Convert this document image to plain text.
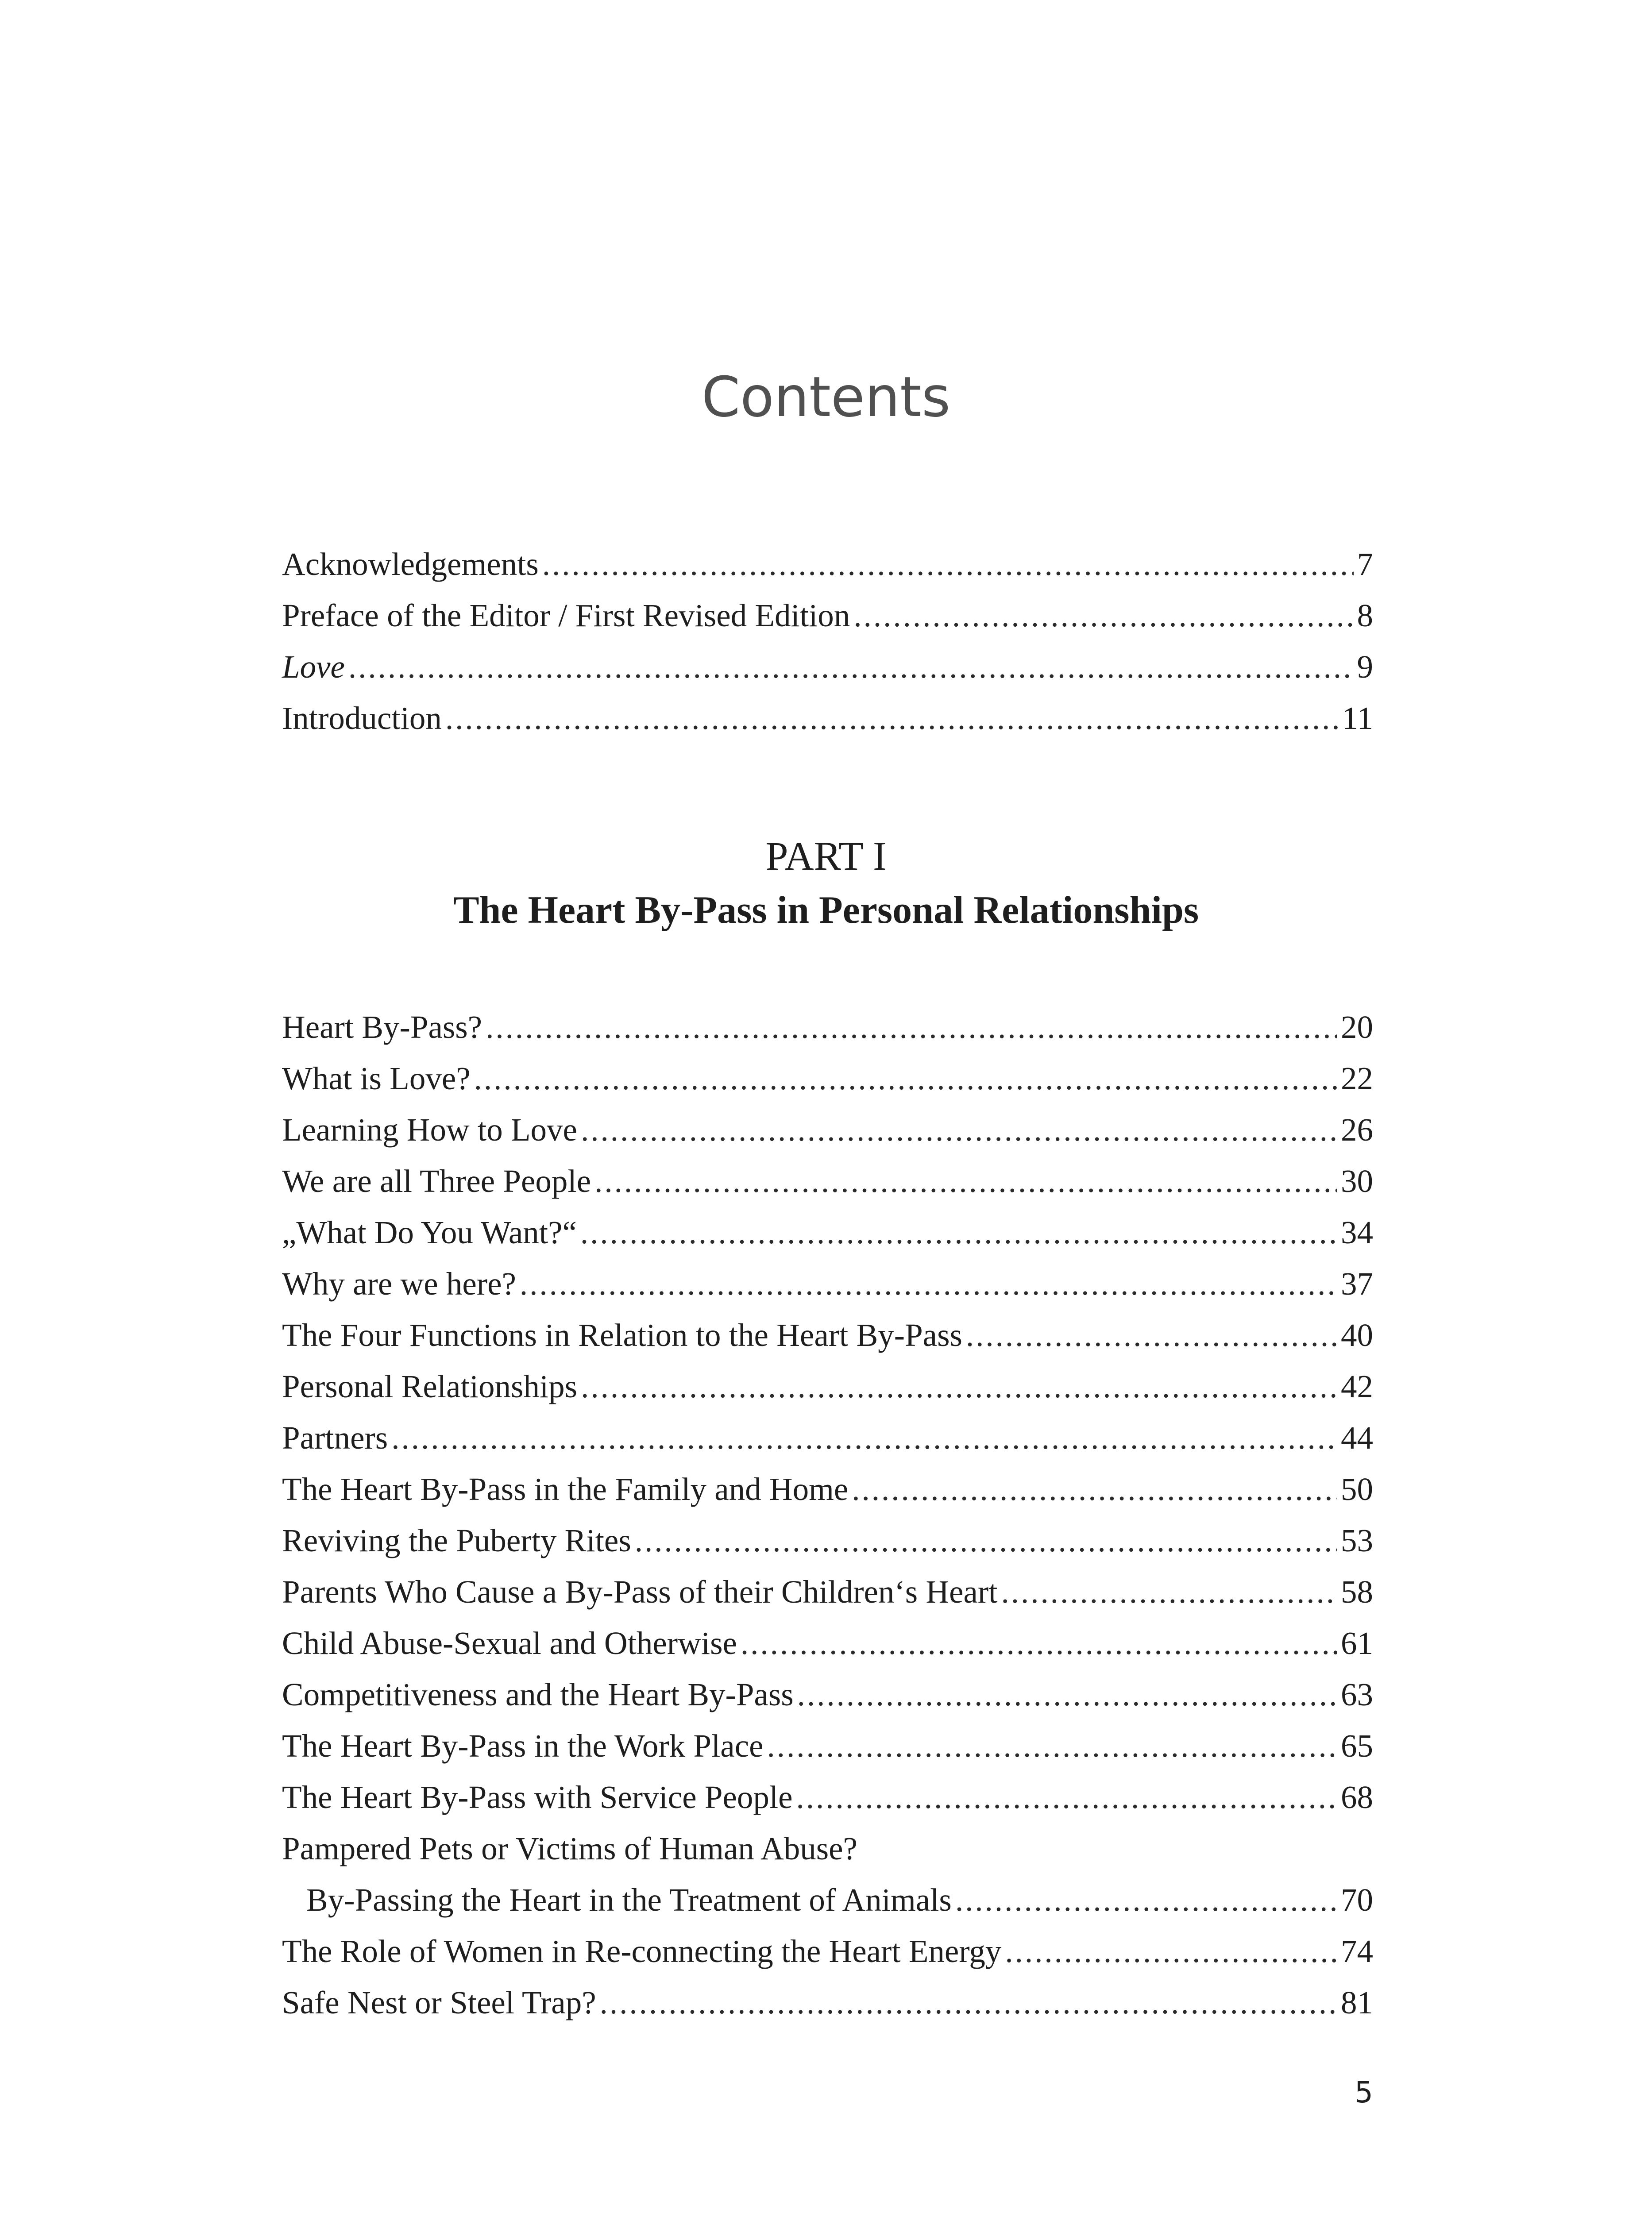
Contents
Acknowledgements .....	7
Preface of the Editor / First Revised Edition .....	8
Love .....	9
Introduction .....	11
PART I
The Heart By-Pass in Personal Relationships
Heart By-Pass? .....	20
What is Love? .....	22
Learning How to Love .....	26
We are all Three People .....	30
„What Do You Want?“ .....	34
Why are we here? .....	37
The Four Functions in Relation to the Heart By-Pass .....	40
Personal Relationships .....	42
Partners .....	44
The Heart By-Pass in the Family and Home .....	50
Reviving the Puberty Rites .....	53
Parents Who Cause a By-Pass of their Children‘s Heart .....	58
Child Abuse-Sexual and Otherwise .....	61
Competitiveness and the Heart By-Pass .....	63
The Heart By-Pass in the Work Place .....	65
The Heart By-Pass with Service People .....	68
Pampered Pets or Victims of Human Abuse?
By-Passing the Heart in the Treatment of Animals .....	70
The Role of Women in Re-connecting the Heart Energy .....	74
Safe Nest or Steel Trap? .....	81
5
